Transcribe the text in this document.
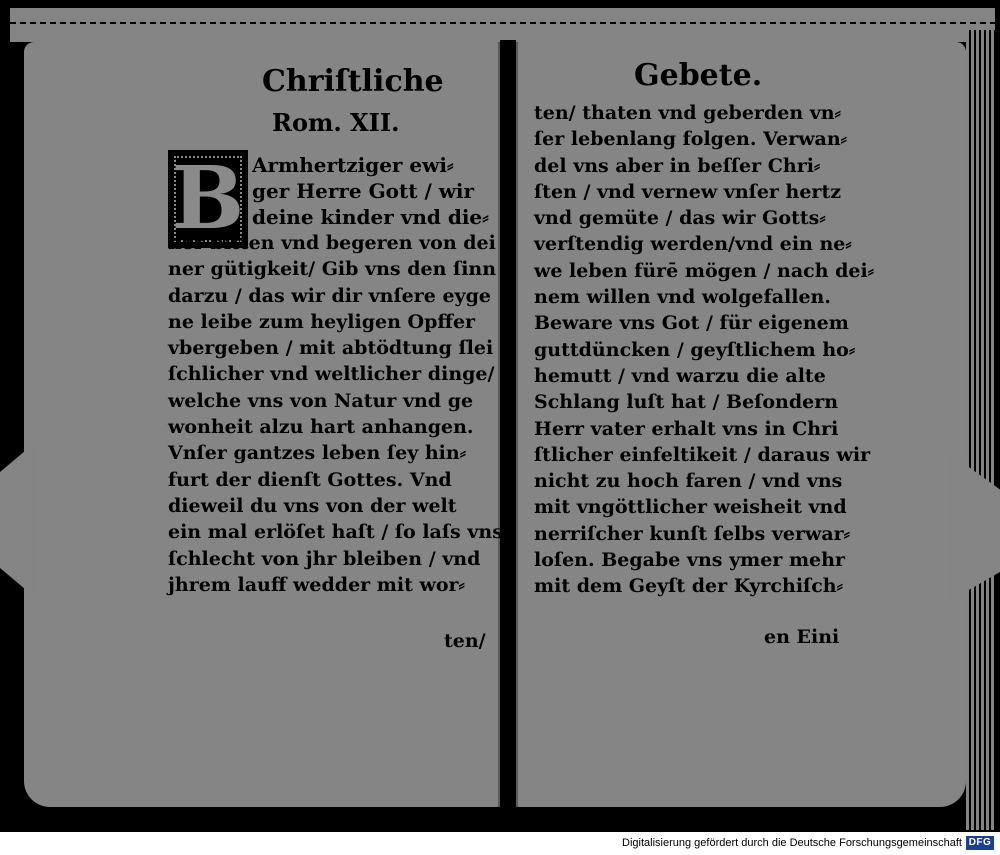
Chriſtliche
Rom. XII.
B Armhertziger ewi⸗
ger Herre Gott / wir
deine kinder vnd die⸗
ner bitten vnd begeren von dei
ner gütigkeit/ Gib vns den ſinn
darzu / das wir dir vnſere eyge
ne leibe zum heyligen Opffer
vbergeben / mit abtödtung ſlei
ſchlicher vnd weltlicher dinge/
welche vns von Natur vnd ge
wonheit alzu hart anhangen.
Vnſer gantzes leben ſey hin⸗
furt der dienſt Gottes. Vnd
dieweil du vns von der welt
ein mal erlöſet haſt / ſo laſs vns
ſchlecht von jhr bleiben / vnd
jhrem lauff wedder mit wor⸗
ten/
Gebete.
ten/ thaten vnd geberden vn⸗
ſer lebenlang folgen. Verwan⸗
del vns aber in beſſer Chri⸗
ſten / vnd vernew vnſer hertz
vnd gemüte / das wir Gotts⸗
verſtendig werden/vnd ein ne⸗
we leben fürē mögen / nach dei⸗
nem willen vnd wolgefallen.
Beware vns Got / für eigenem
guttdüncken / geyſtlichem ho⸗
hemutt / vnd warzu die alte
Schlang luſt hat / Beſondern
Herr vater erhalt vns in Chri
ſtlicher einfeltikeit / daraus wir
nicht zu hoch faren / vnd vns
mit vngöttlicher weisheit vnd
nerriſcher kunſt ſelbs verwar⸗
loſen. Begabe vns ymer mehr
mit dem Geyſt der Kyrchiſch⸗
en Eini
Digitalisierung gefördert durch die Deutsche Forschungsgemeinschaft DFG
